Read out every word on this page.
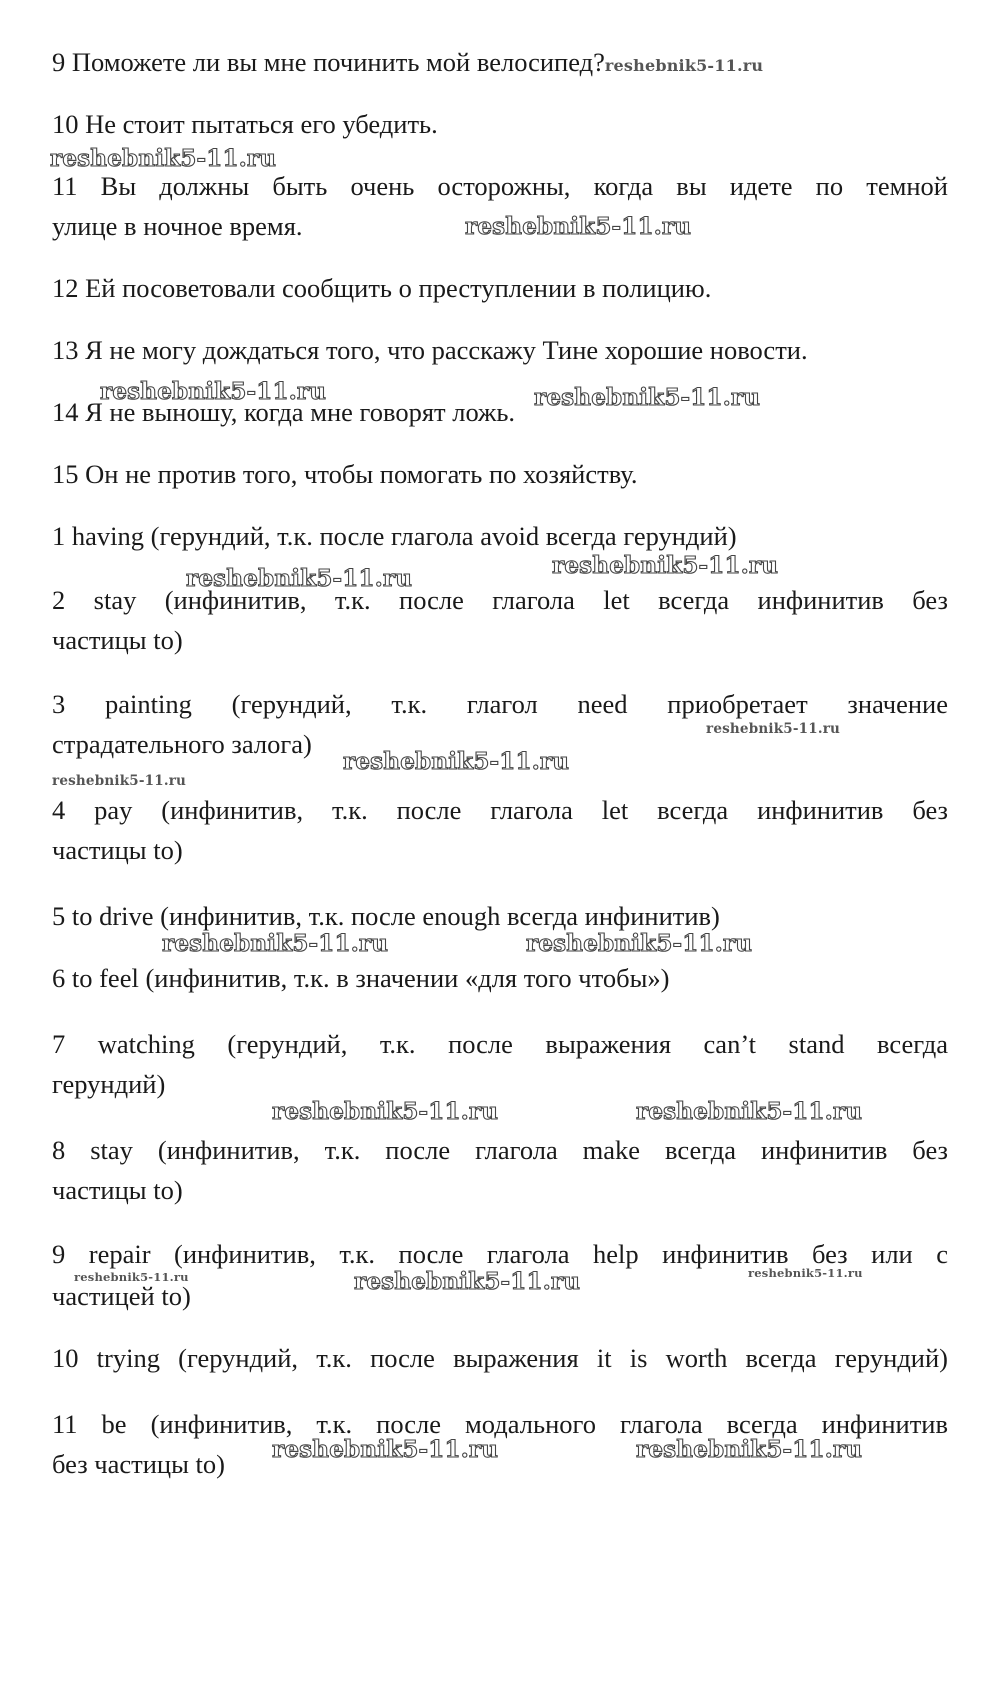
9 Поможете ли вы мне починить мой велосипед?reshebnik5-11.ru
10 Не стоит пытаться его убедить.
11 Вы должны быть очень осторожны, когда вы идете по темной
улице в ночное время.
12 Ей посоветовали сообщить о преступлении в полицию.
13 Я не могу дождаться того, что расскажу Тине хорошие новости.
14 Я не выношу, когда мне говорят ложь.
15 Он не против того, чтобы помогать по хозяйству.
1 having (герундий, т.к. после глагола avoid всегда герундий)
2 stay (инфинитив, т.к. после глагола let всегда инфинитив без
частицы to)
3 painting (герундий, т.к. глагол need приобретает значение
страдательного залога)
4 pay (инфинитив, т.к. после глагола let всегда инфинитив без
частицы to)
5 to drive (инфинитив, т.к. после enough всегда инфинитив)
6 to feel (инфинитив, т.к. в значении «для того чтобы»)
7 watching (герундий, т.к. после выражения can’t stand всегда
герундий)
8 stay (инфинитив, т.к. после глагола make всегда инфинитив без
частицы to)
9 repair (инфинитив, т.к. после глагола help инфинитив без или с
частицей to)
10 trying (герундий, т.к. после выражения it is worth всегда герундий)
11 be (инфинитив, т.к. после модального глагола всегда инфинитив
без частицы to)
reshebnik5-11.ru
reshebnik5-11.ru
reshebnik5-11.ru	reshebnik5-11.ru
reshebnik5-11.ru
reshebnik5-11.ru
reshebnik5-11.ru
reshebnik5-11.ru
reshebnik5-11.ru
reshebnik5-11.ru	reshebnik5-11.ru
reshebnik5-11.ru	reshebnik5-11.ru
reshebnik5-11.ru	reshebnik5-11.ru	reshebnik5-11.ru
reshebnik5-11.ru	reshebnik5-11.ru
